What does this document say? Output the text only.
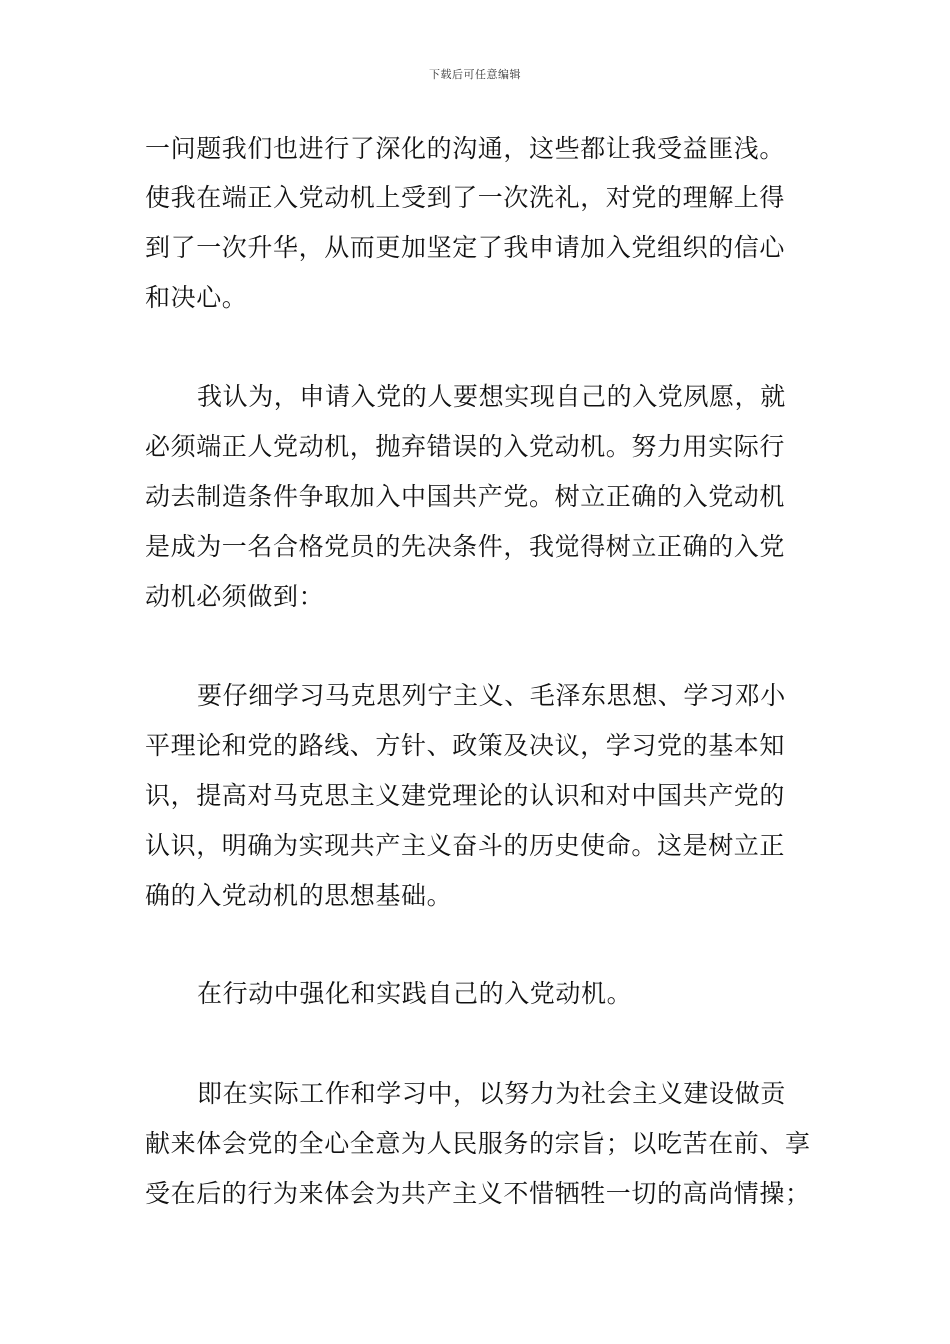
下载后可任意编辑
一问题我们也进行了深化的沟通，这些都让我受益匪浅。
使我在端正入党动机上受到了一次洗礼，对党的理解上得
到了一次升华，从而更加坚定了我申请加入党组织的信心
和决心。
我认为，申请入党的人要想实现自己的入党夙愿，就
必须端正人党动机，抛弃错误的入党动机。努力用实际行
动去制造条件争取加入中国共产党。树立正确的入党动机
是成为一名合格党员的先决条件，我觉得树立正确的入党
动机必须做到：
要仔细学习马克思列宁主义、毛泽东思想、学习邓小
平理论和党的路线、方针、政策及决议，学习党的基本知
识，提高对马克思主义建党理论的认识和对中国共产党的
认识，明确为实现共产主义奋斗的历史使命。这是树立正
确的入党动机的思想基础。
在行动中强化和实践自己的入党动机。
即在实际工作和学习中，以努力为社会主义建设做贡
献来体会党的全心全意为人民服务的宗旨；以吃苦在前、享
受在后的行为来体会为共产主义不惜牺牲一切的高尚情操；
